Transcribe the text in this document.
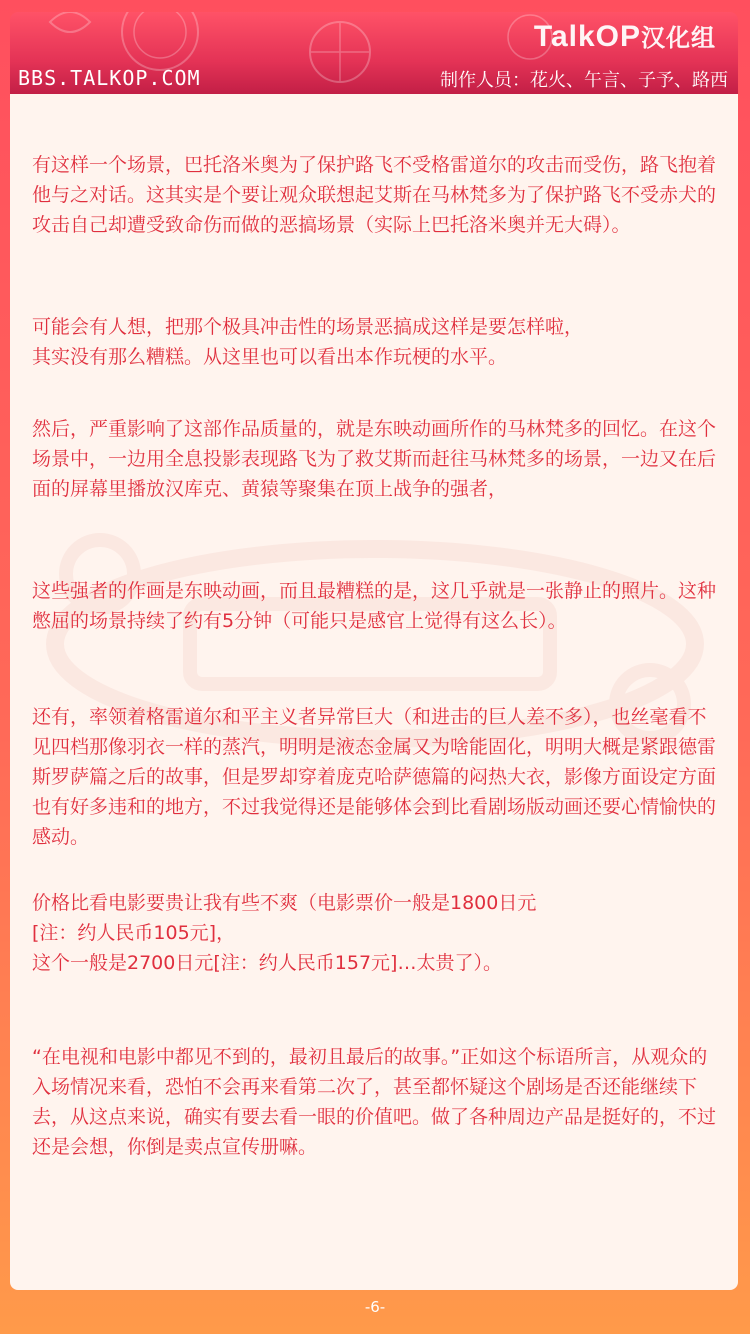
TalkOP汉化组
BBS.TALKOP.COM	制作人员：花火、午言、子予、路西
有这样一个场景，巴托洛米奥为了保护路飞不受格雷道尔的攻击而受伤，路飞抱着他与之对话。这其实是个要让观众联想起艾斯在马林梵多为了保护路飞不受赤犬的攻击自己却遭受致命伤而做的恶搞场景（实际上巴托洛米奥并无大碍）。
可能会有人想，把那个极具冲击性的场景恶搞成这样是要怎样啦，
其实没有那么糟糕。从这里也可以看出本作玩梗的水平。
然后，严重影响了这部作品质量的，就是东映动画所作的马林梵多的回忆。在这个场景中，一边用全息投影表现路飞为了救艾斯而赶往马林梵多的场景，一边又在后面的屏幕里播放汉库克、黄猿等聚集在顶上战争的强者，
这些强者的作画是东映动画，而且最糟糕的是，这几乎就是一张静止的照片。这种憋屈的场景持续了约有5分钟（可能只是感官上觉得有这么长）。
还有，率领着格雷道尔和平主义者异常巨大（和进击的巨人差不多），也丝毫看不见四档那像羽衣一样的蒸汽，明明是液态金属又为啥能固化，明明大概是紧跟德雷斯罗萨篇之后的故事，但是罗却穿着庞克哈萨德篇的闷热大衣，影像方面设定方面也有好多违和的地方，不过我觉得还是能够体会到比看剧场版动画还要心情愉快的感动。
价格比看电影要贵让我有些不爽（电影票价一般是1800日元
[注：约人民币105元]，
这个一般是2700日元[注：约人民币157元]…太贵了）。
“在电视和电影中都见不到的，最初且最后的故事。”正如这个标语所言，从观众的入场情况来看，恐怕不会再来看第二次了，甚至都怀疑这个剧场是否还能继续下去，从这点来说，确实有要去看一眼的价值吧。做了各种周边产品是挺好的，不过还是会想，你倒是卖点宣传册嘛。
-6-
